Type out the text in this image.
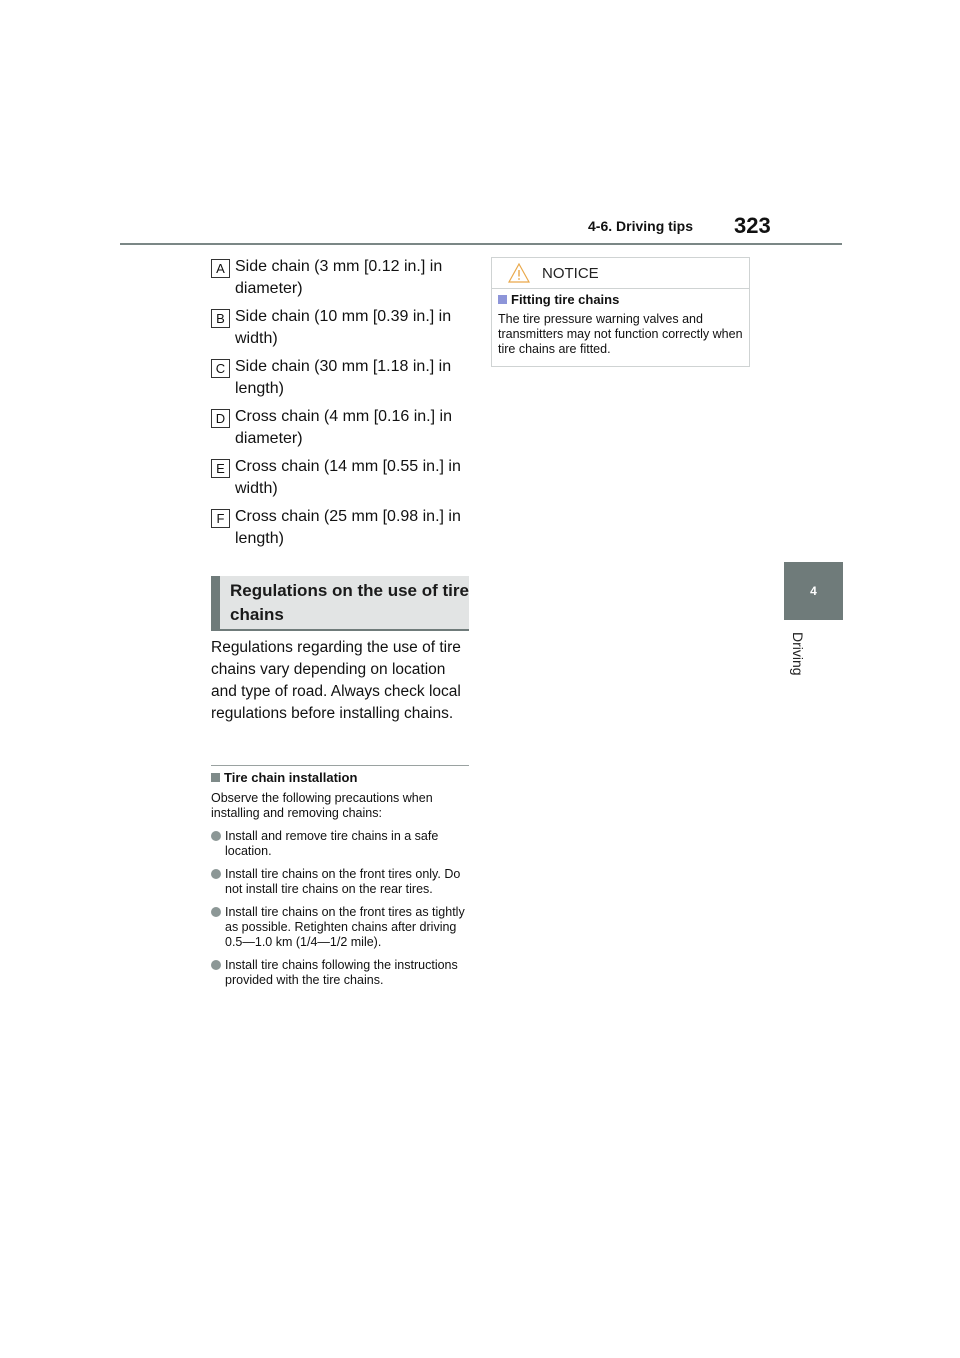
4-6. Driving tips 323
4
Driving
A Side chain (3 mm [0.12 in.] in diameter)
B Side chain (10 mm [0.39 in.] in width)
C Side chain (30 mm [1.18 in.] in length)
D Cross chain (4 mm [0.16 in.] in diameter)
E Cross chain (14 mm [0.55 in.] in width)
F Cross chain (25 mm [0.98 in.] in length)
Regulations on the use of tire chains
Regulations regarding the use of tire chains vary depending on location and type of road. Always check local regulations before installing chains.
Tire chain installation
Observe the following precautions when installing and removing chains:
Install and remove tire chains in a safe location.
Install tire chains on the front tires only. Do not install tire chains on the rear tires.
Install tire chains on the front tires as tightly as possible. Retighten chains after driving 0.5—1.0 km (1/4—1/2 mile).
Install tire chains following the instructions provided with the tire chains.
NOTICE
Fitting tire chains
The tire pressure warning valves and transmitters may not function correctly when tire chains are fitted.
